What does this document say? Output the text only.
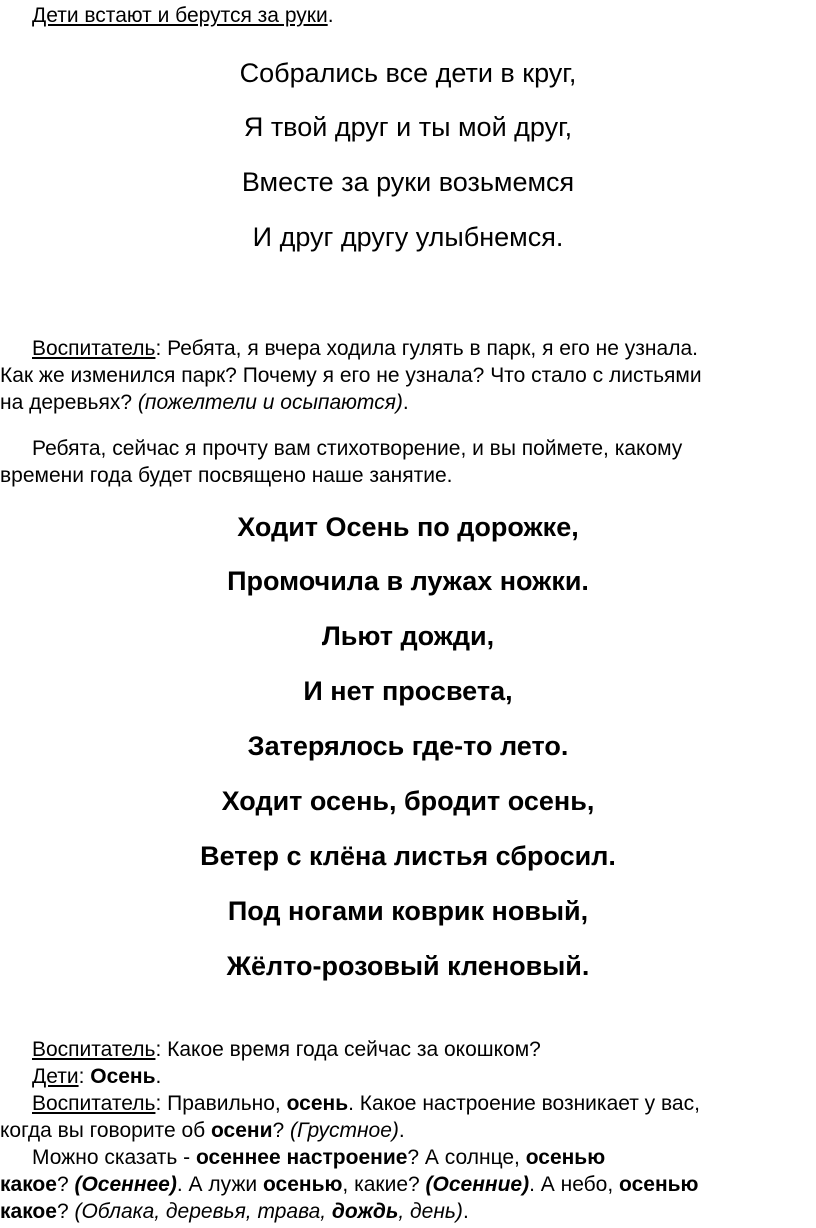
Дети встают и берутся за руки.
Собрались все дети в круг,
Я твой друг и ты мой друг,
Вместе за руки возьмемся
И друг другу улыбнемся.
Воспитатель: Ребята, я вчера ходила гулять в парк, я его не узнала.
Как же изменился парк? Почему я его не узнала? Что стало с листьями
на деревьях? (пожелтели и осыпаются).
Ребята, сейчас я прочту вам стихотворение, и вы поймете, какому
времени года будет посвящено наше занятие.
Ходит Осень по дорожке,
Промочила в лужах ножки.
Льют дожди,
И нет просвета,
Затерялось где-то лето.
Ходит осень, бродит осень,
Ветер с клёна листья сбросил.
Под ногами коврик новый,
Жёлто-розовый кленовый.
Воспитатель: Какое время года сейчас за окошком?
Дети: Осень.
Воспитатель: Правильно, осень. Какое настроение возникает у вас,
когда вы говорите об осени? (Грустное).
Можно сказать - осеннее настроение? А солнце, осенью
какое? (Осеннее). А лужи осенью, какие? (Осенние). А небо, осенью
какое? (Облака, деревья, трава, дождь, день).
